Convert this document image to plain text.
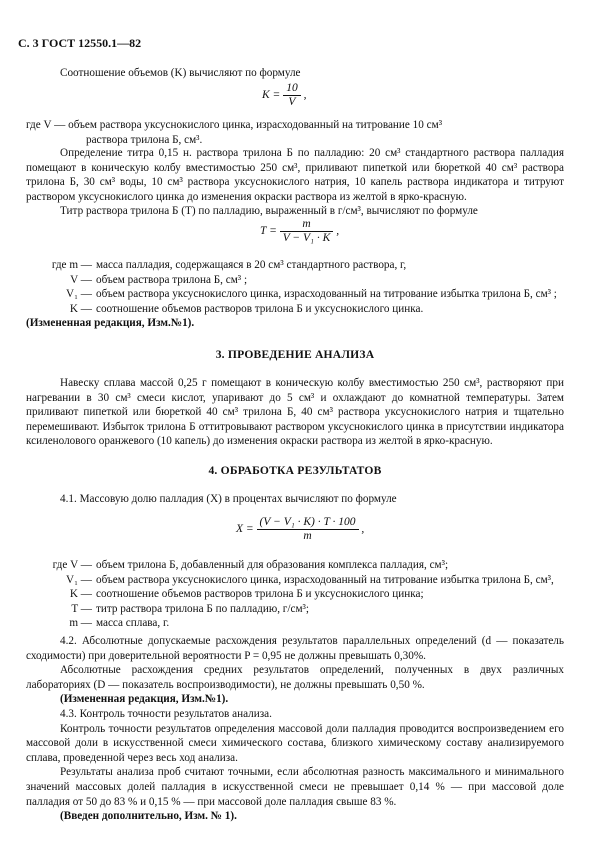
С. 3 ГОСТ 12550.1—82

Соотношение объемов (K) вычисляют по формуле

$K = \frac{10}{V}$ ,
где V — объем раствора уксуснокислого цинка, израсходованный на титрование 10 см³
раствора трилона Б, см³.

Определение титра 0,15 н. раствора трилона Б по палладию: 20 см³ стандартного раствора палладия помещают в коническую колбу вместимостью 250 см³, приливают пипеткой или бюреткой 40 см³ раствора трилона Б, 30 см³ воды, 10 см³ раствора уксуснокислого натрия, 10 капель раствора индикатора и титруют раствором уксуснокислого цинка до изменения окраски раствора из желтой в ярко-красную.

Титр раствора трилона Б (T) по палладию, выраженный в г/см³, вычисляют по формуле

$T = \frac{m}{\text{V − V₁ · K}}$ ,
где m — масса палладия, содержащаяся в 20 см³ стандартного раствора, г,
V — объем раствора трилона Б, см³ ;
V₁ — объем раствора уксуснокислого цинка, израсходованный на титрование избытка трилона Б, см³ ;
K — соотношение объемов растворов трилона Б и уксуснокислого цинка.
(Измененная редакция, Изм.№1).
3. ПРОВЕДЕНИЕ АНАЛИЗА

Навеску сплава массой 0,25 г помещают в коническую колбу вместимостью 250 см³, растворяют при нагревании в 30 см³ смеси кислот, упаривают до 5 см³ и охлаждают до комнатной температуры. Затем приливают пипеткой или бюреткой 40 см³ трилона Б, 40 см³ раствора уксуснокислого натрия и тщательно перемешивают. Избыток трилона Б оттитровывают раствором уксуснокислого цинка в присутствии индикатора ксиленолового оранжевого (10 капель) до изменения окраски раствора из желтой в ярко-красную.

4. ОБРАБОТКА РЕЗУЛЬТАТОВ

4.1. Массовую долю палладия (X) в процентах вычисляют по формуле

$X = \frac{\text{(V − V₁ · K) · T · 100}}{m}$ ,
где V — объем трилона Б, добавленный для образования комплекса палладия, см³;
V₁ — объем раствора уксуснокислого цинка, израсходованный на титрование избытка трилона Б, см³,
K — соотношение объемов растворов трилона Б и уксуснокислого цинка;
T — титр раствора трилона Б по палладию, г/см³;
m — масса сплава, г.

4.2. Абсолютные допускаемые расхождения результатов параллельных определений (d — показатель сходимости) при доверительной вероятности P = 0,95 не должны превышать 0,30%.

Абсолютные расхождения средних результатов определений, полученных в двух различных лабораториях (D — показатель воспроизводимости), не должны превышать 0,50 %.

(Измененная редакция, Изм.№1).

4.3. Контроль точности результатов анализа.

Контроль точности результатов определения массовой доли палладия проводится воспроизведением его массовой доли в искусственной смеси химического состава, близкого химическому составу анализируемого сплава, проведенной через весь ход анализа.

Результаты анализа проб считают точными, если абсолютная разность максимального и минимального значений массовых долей палладия в искусственной смеси не превышает 0,14 % — при массовой доле палладия от 50 до 83 % и 0,15 % — при массовой доле палладия свыше 83 %.

(Введен дополнительно, Изм. № 1).
